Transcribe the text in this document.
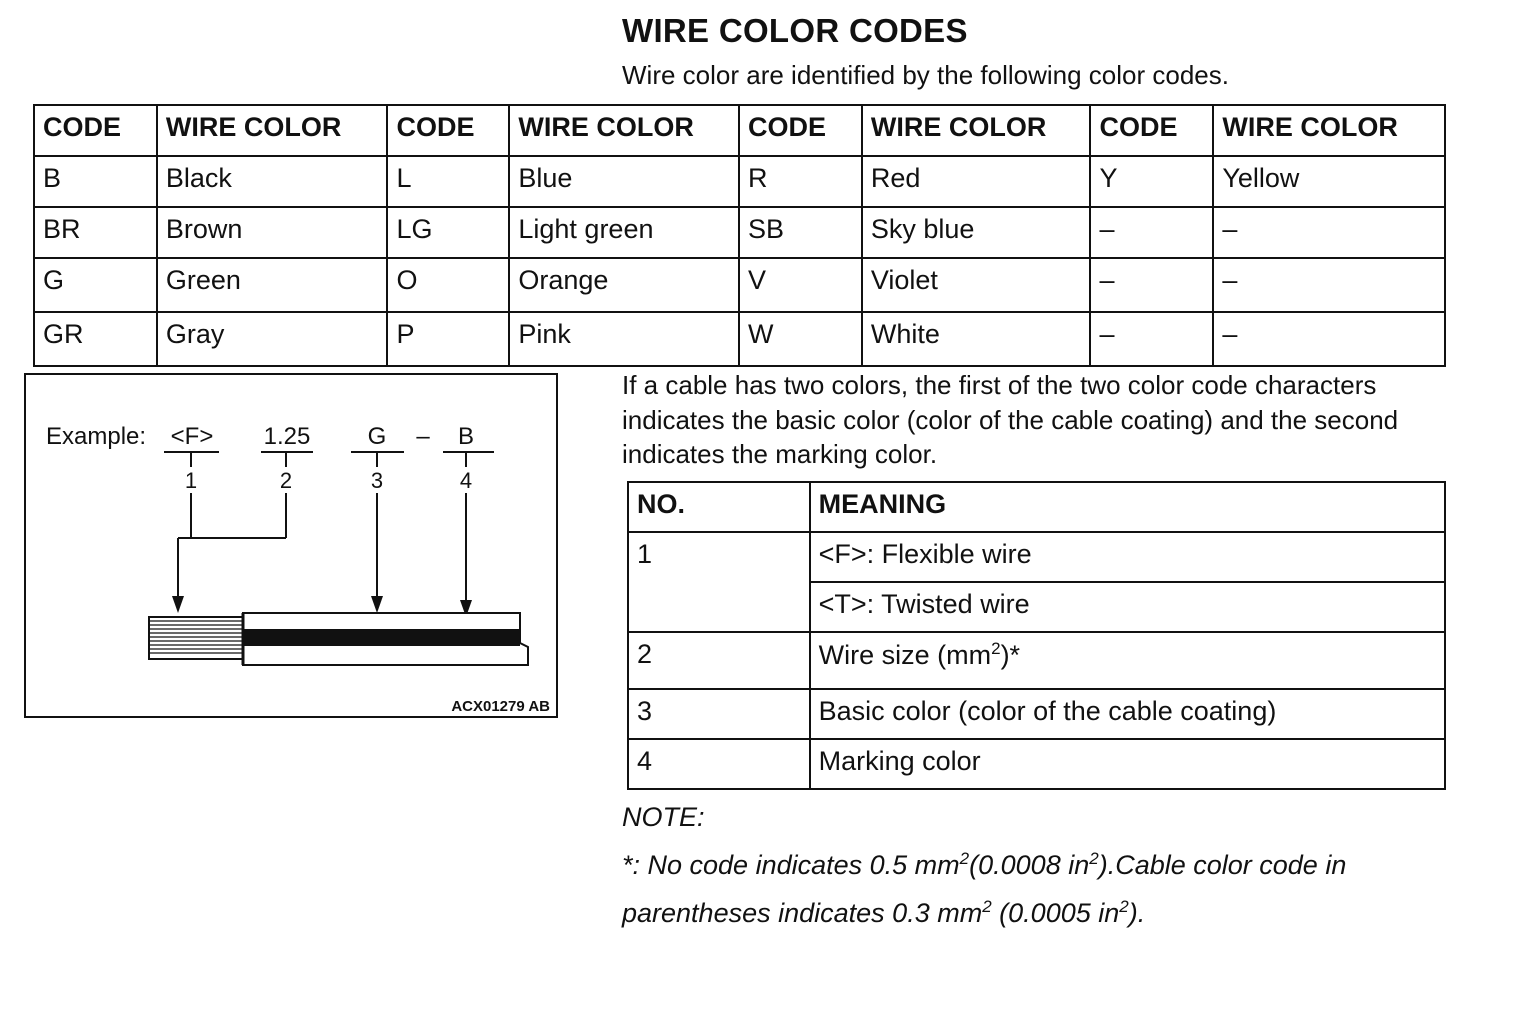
WIRE COLOR CODES
Wire color are identified by the following color codes.
CODE	WIRE COLOR	CODE	WIRE COLOR	CODE	WIRE COLOR	CODE	WIRE COLOR
B	Black	L	Blue	R	Red	Y	Yellow
BR	Brown	LG	Light green	SB	Sky blue	–	–
G	Green	O	Orange	V	Violet	–	–
GR	Gray	P	Pink	W	White	–	–
Example: <F> 1.25 G – B
1	2	3	4
ACX01279 AB
If a cable has two colors, the first of the two color code characters indicates the basic color (color of the cable coating) and the second indicates the marking color.
NO.	MEANING
1	<F>: Flexible wire
	<T>: Twisted wire
2	Wire size $(mm^2)*$
3	Basic color (color of the cable coating)
4	Marking color
NOTE:
*: No code indicates 0.5 $mm^2(0.0008$ $in^2).Cable$ color code in
parentheses indicates 0.3 $mm^2$ (0.0005 $in^2$).
